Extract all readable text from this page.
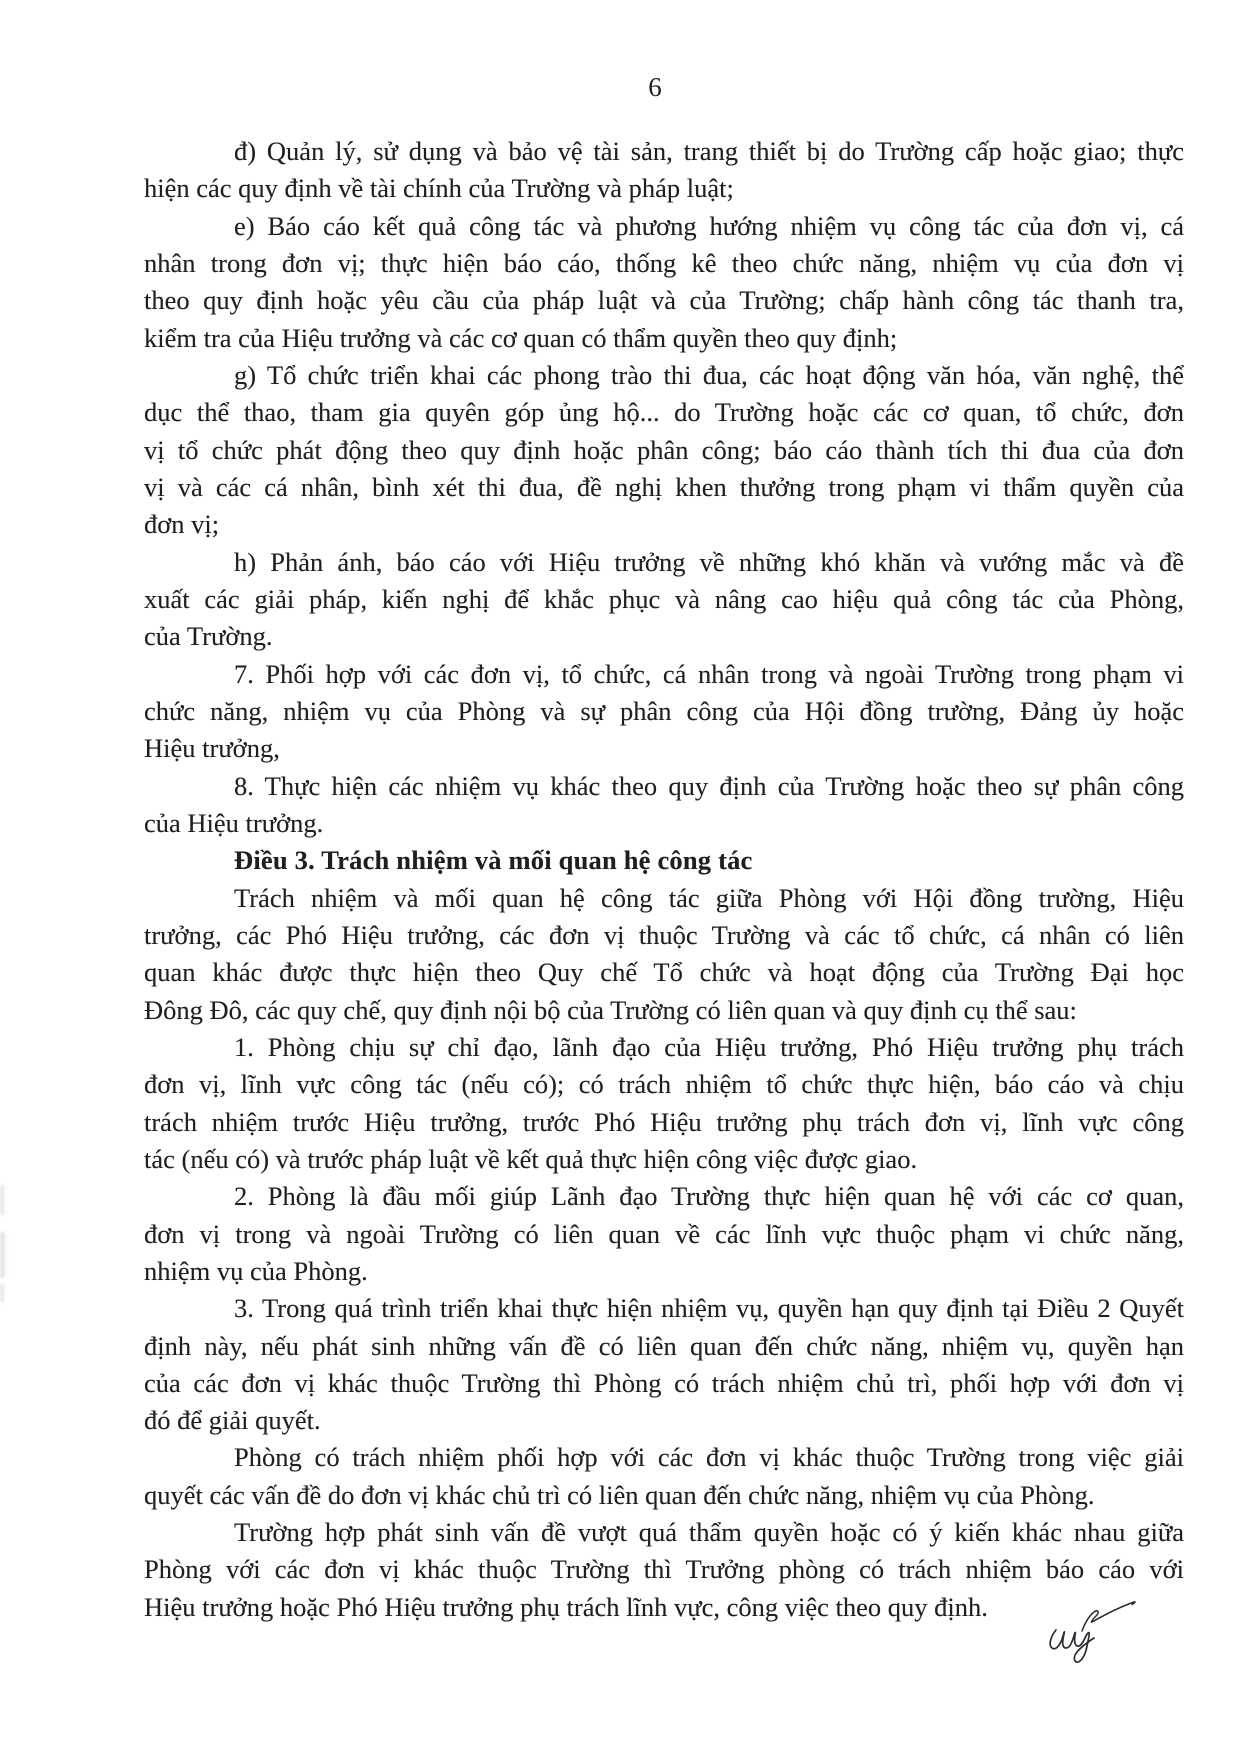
6
đ) Quản lý, sử dụng và bảo vệ tài sản, trang thiết bị do Trường cấp hoặc giao; thực
hiện các quy định về tài chính của Trường và pháp luật;
e) Báo cáo kết quả công tác và phương hướng nhiệm vụ công tác của đơn vị, cá
nhân trong đơn vị; thực hiện báo cáo, thống kê theo chức năng, nhiệm vụ của đơn vị
theo quy định hoặc yêu cầu của pháp luật và của Trường; chấp hành công tác thanh tra,
kiểm tra của Hiệu trưởng và các cơ quan có thẩm quyền theo quy định;
g) Tổ chức triển khai các phong trào thi đua, các hoạt động văn hóa, văn nghệ, thể
dục thể thao, tham gia quyên góp ủng hộ... do Trường hoặc các cơ quan, tổ chức, đơn
vị tổ chức phát động theo quy định hoặc phân công; báo cáo thành tích thi đua của đơn
vị và các cá nhân, bình xét thi đua, đề nghị khen thưởng trong phạm vi thẩm quyền của
đơn vị;
h) Phản ánh, báo cáo với Hiệu trưởng về những khó khăn và vướng mắc và đề
xuất các giải pháp, kiến nghị để khắc phục và nâng cao hiệu quả công tác của Phòng,
của Trường.
7. Phối hợp với các đơn vị, tổ chức, cá nhân trong và ngoài Trường trong phạm vi
chức năng, nhiệm vụ của Phòng và sự phân công của Hội đồng trường, Đảng ủy hoặc
Hiệu trưởng,
8. Thực hiện các nhiệm vụ khác theo quy định của Trường hoặc theo sự phân công
của Hiệu trưởng.
Điều 3. Trách nhiệm và mối quan hệ công tác
Trách nhiệm và mối quan hệ công tác giữa Phòng với Hội đồng trường, Hiệu
trưởng, các Phó Hiệu trưởng, các đơn vị thuộc Trường và các tổ chức, cá nhân có liên
quan khác được thực hiện theo Quy chế Tổ chức và hoạt động của Trường Đại học
Đông Đô, các quy chế, quy định nội bộ của Trường có liên quan và quy định cụ thể sau:
1. Phòng chịu sự chỉ đạo, lãnh đạo của Hiệu trưởng, Phó Hiệu trưởng phụ trách
đơn vị, lĩnh vực công tác (nếu có); có trách nhiệm tổ chức thực hiện, báo cáo và chịu
trách nhiệm trước Hiệu trưởng, trước Phó Hiệu trưởng phụ trách đơn vị, lĩnh vực công
tác (nếu có) và trước pháp luật về kết quả thực hiện công việc được giao.
2. Phòng là đầu mối giúp Lãnh đạo Trường thực hiện quan hệ với các cơ quan,
đơn vị trong và ngoài Trường có liên quan về các lĩnh vực thuộc phạm vi chức năng,
nhiệm vụ của Phòng.
3. Trong quá trình triển khai thực hiện nhiệm vụ, quyền hạn quy định tại Điều 2 Quyết
định này, nếu phát sinh những vấn đề có liên quan đến chức năng, nhiệm vụ, quyền hạn
của các đơn vị khác thuộc Trường thì Phòng có trách nhiệm chủ trì, phối hợp với đơn vị
đó để giải quyết.
Phòng có trách nhiệm phối hợp với các đơn vị khác thuộc Trường trong việc giải
quyết các vấn đề do đơn vị khác chủ trì có liên quan đến chức năng, nhiệm vụ của Phòng.
Trường hợp phát sinh vấn đề vượt quá thẩm quyền hoặc có ý kiến khác nhau giữa
Phòng với các đơn vị khác thuộc Trường thì Trưởng phòng có trách nhiệm báo cáo với
Hiệu trưởng hoặc Phó Hiệu trưởng phụ trách lĩnh vực, công việc theo quy định.
